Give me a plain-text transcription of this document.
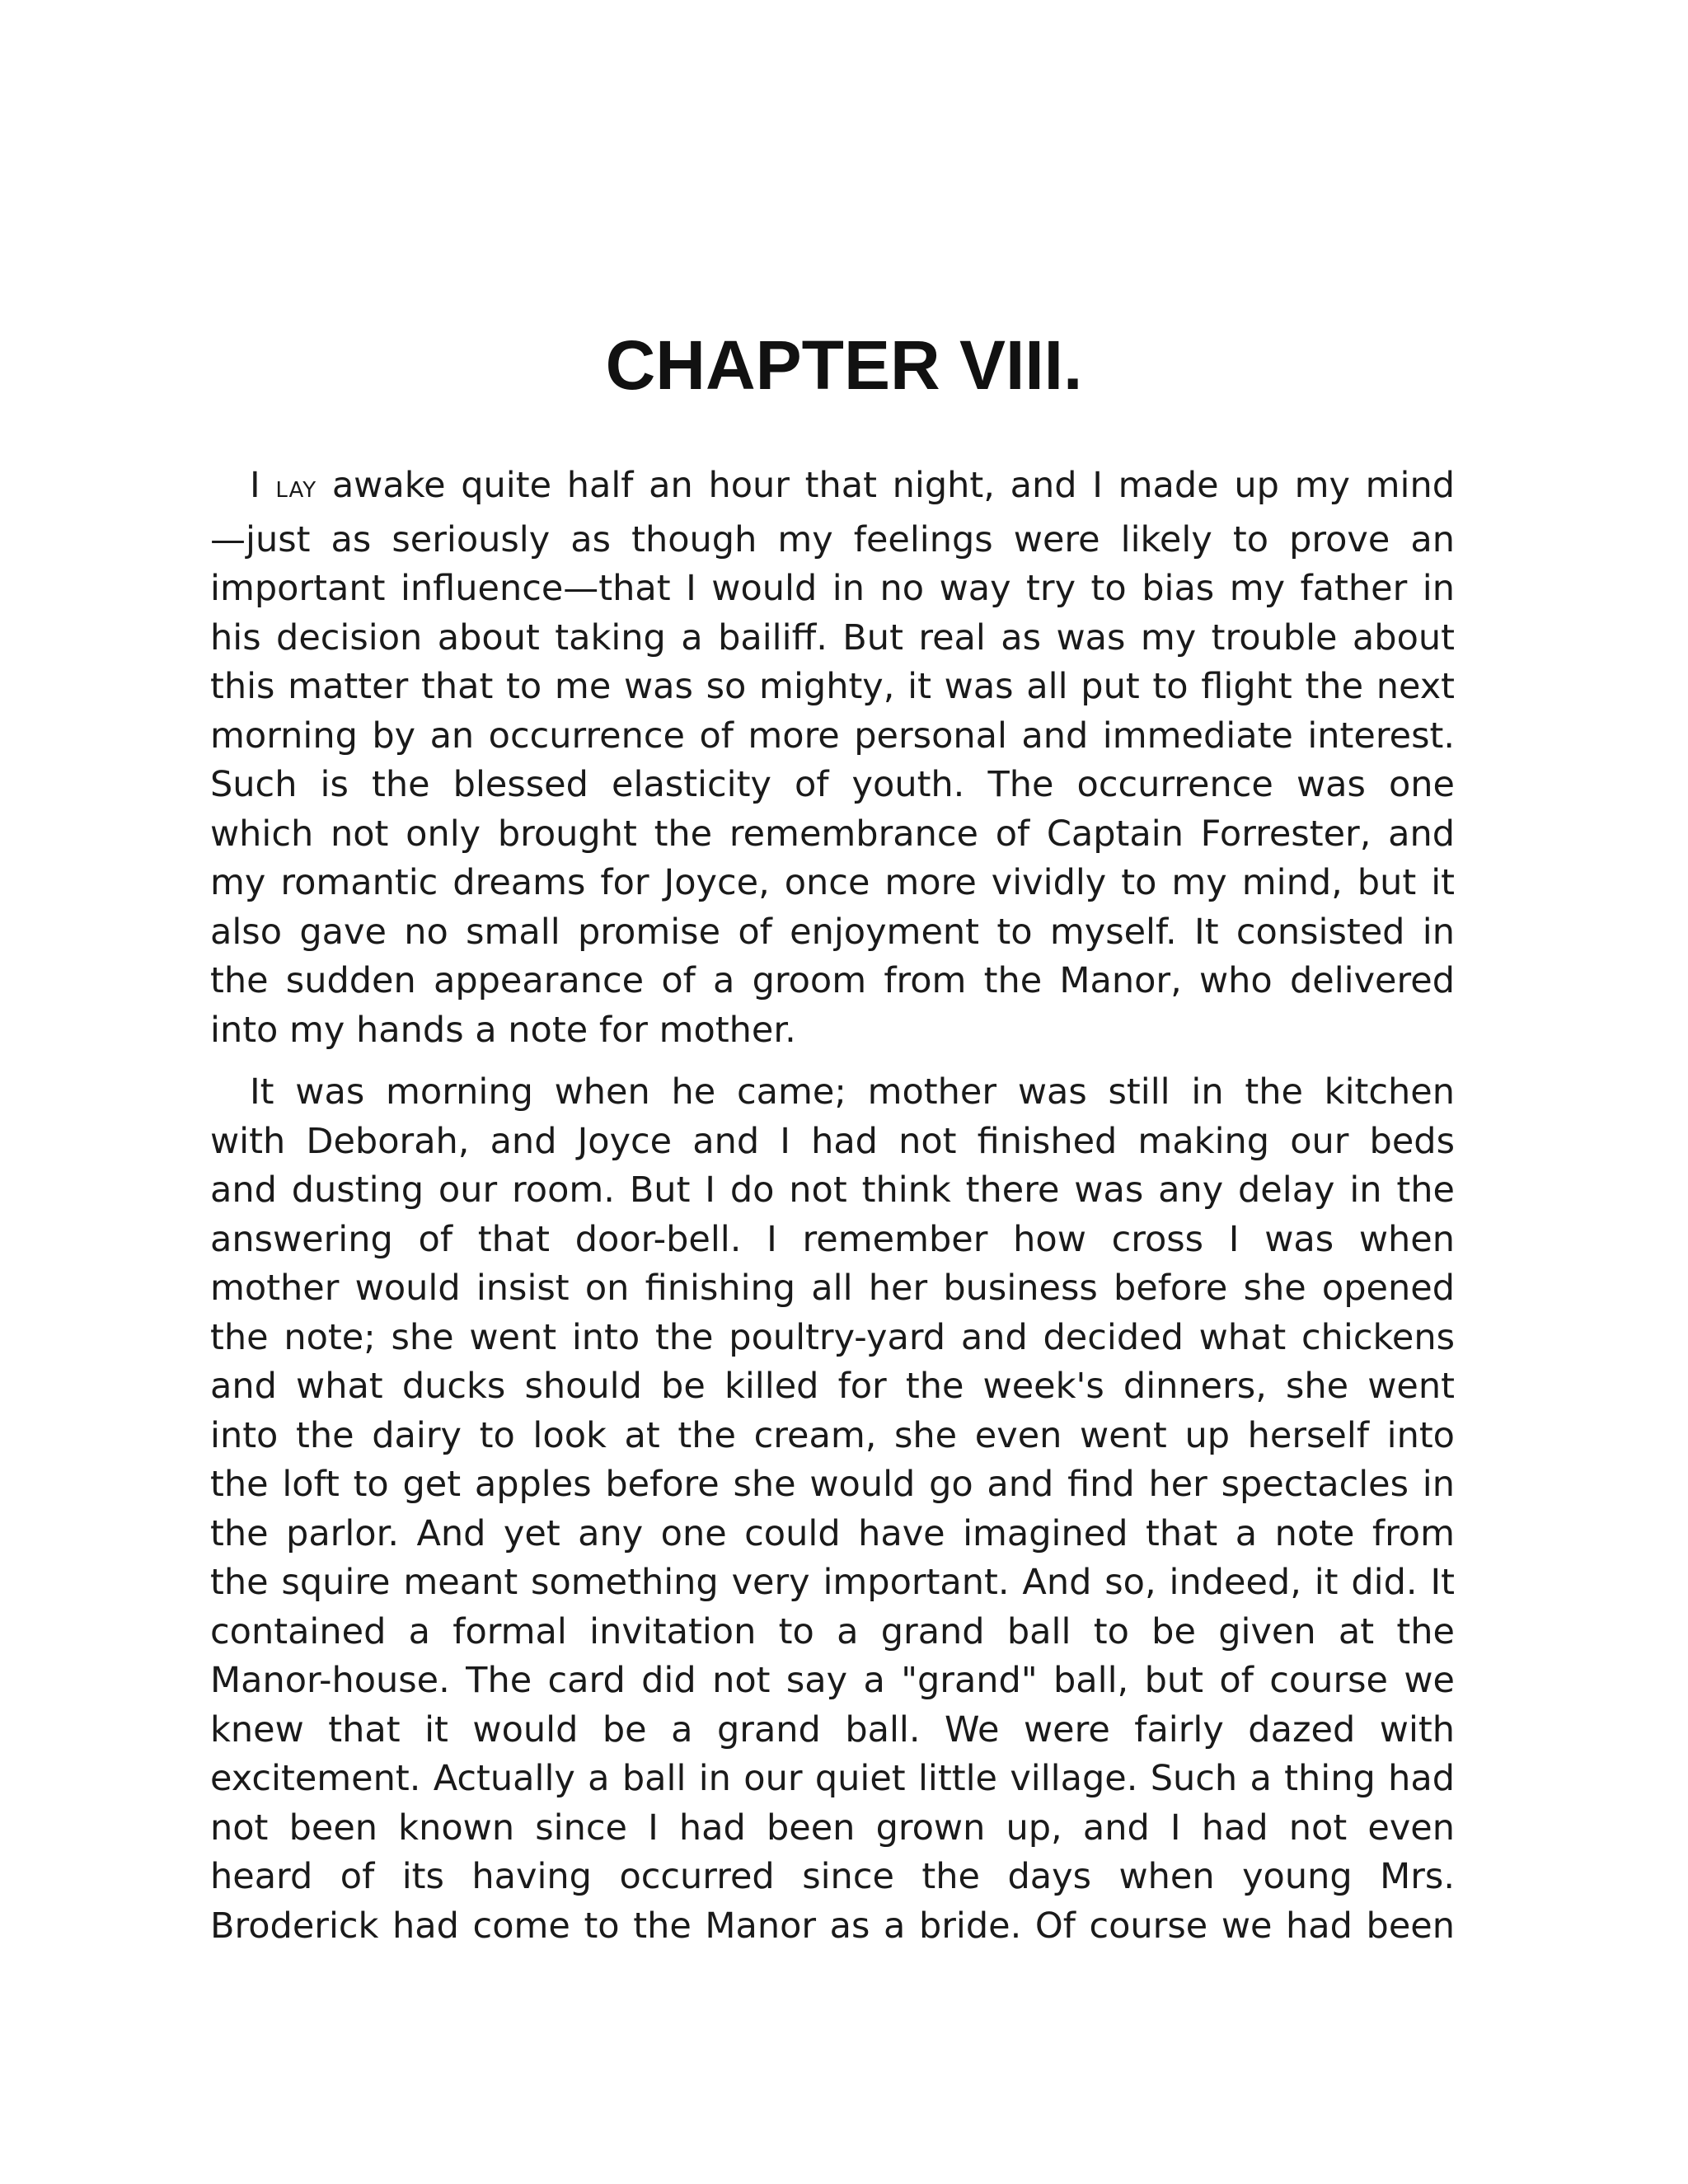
CHAPTER VIII.

I LAY awake quite half an hour that night, and I made up my mind
—just as seriously as though my feelings were likely to prove an
important influence—that I would in no way try to bias my father in
his decision about taking a bailiff. But real as was my trouble about
this matter that to me was so mighty, it was all put to flight the next
morning by an occurrence of more personal and immediate interest.
Such is the blessed elasticity of youth. The occurrence was one
which not only brought the remembrance of Captain Forrester, and
my romantic dreams for Joyce, once more vividly to my mind, but it
also gave no small promise of enjoyment to myself. It consisted in
the sudden appearance of a groom from the Manor, who delivered
into my hands a note for mother.

It was morning when he came; mother was still in the kitchen
with Deborah, and Joyce and I had not finished making our beds
and dusting our room. But I do not think there was any delay in the
answering of that door-bell. I remember how cross I was when
mother would insist on finishing all her business before she opened
the note; she went into the poultry-yard and decided what chickens
and what ducks should be killed for the week's dinners, she went
into the dairy to look at the cream, she even went up herself into
the loft to get apples before she would go and find her spectacles in
the parlor. And yet any one could have imagined that a note from
the squire meant something very important. And so, indeed, it did. It
contained a formal invitation to a grand ball to be given at the
Manor-house. The card did not say a "grand" ball, but of course we
knew that it would be a grand ball. We were fairly dazed with
excitement. Actually a ball in our quiet little village. Such a thing had
not been known since I had been grown up, and I had not even
heard of its having occurred since the days when young Mrs.
Broderick had come to the Manor as a bride. Of course we had been
